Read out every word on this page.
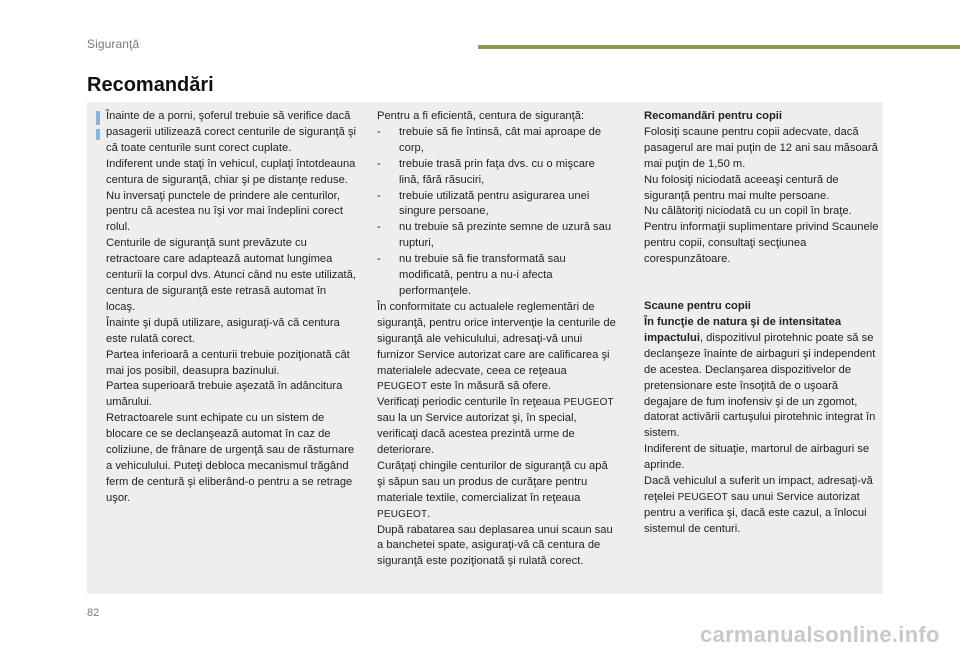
Siguranţă
Recomandări

Înainte de a porni, şoferul trebuie să verifice dacă pasagerii utilizează corect centurile de siguranţă şi că toate centurile sunt corect cuplate.

Indiferent unde staţi în vehicul, cuplaţi întotdeauna centura de siguranţă, chiar şi pe distanţe reduse.

Nu inversaţi punctele de prindere ale centurilor, pentru că acestea nu îşi vor mai îndeplini corect rolul.

Centurile de siguranţă sunt prevăzute cu retractoare care adaptează automat lungimea centurii la corpul dvs. Atunci când nu este utilizată, centura de siguranţă este retrasă automat în locaş.

Înainte şi după utilizare, asiguraţi-vă că centura este rulată corect.

Partea inferioară a centurii trebuie poziţionată cât mai jos posibil, deasupra bazinului.

Partea superioară trebuie aşezată în adâncitura umărului.

Retractoarele sunt echipate cu un sistem de blocare ce se declanşează automat în caz de coliziune, de frânare de urgenţă sau de răsturnare a vehiculului. Puteţi debloca mecanismul trăgând ferm de centură şi eliberând-o pentru a se retrage uşor.

Pentru a fi eficientă, centura de siguranţă:

- trebuie să fie întinsă, cât mai aproape de corp,
- trebuie trasă prin faţa dvs. cu o mişcare lină, fără răsuciri,
- trebuie utilizată pentru asigurarea unei singure persoane,
- nu trebuie să prezinte semne de uzură sau rupturi,
- nu trebuie să fie transformată sau modificată, pentru a nu-i afecta performanţele.

În conformitate cu actualele reglementări de siguranţă, pentru orice intervenţie la centurile de siguranţă ale vehiculului, adresaţi-vă unui furnizor Service autorizat care are calificarea şi materialele adecvate, ceea ce reţeaua PEUGEOT este în măsură să ofere.

Verificaţi periodic centurile în reţeaua PEUGEOT sau la un Service autorizat şi, în special, verificaţi dacă acestea prezintă urme de deteriorare.

Curăţaţi chingile centurilor de siguranţă cu apă şi săpun sau un produs de curăţare pentru materiale textile, comercializat în reţeaua PEUGEOT.

După rabatarea sau deplasarea unui scaun sau a banchetei spate, asiguraţi-vă că centura de siguranţă este poziţionată şi rulată corect.

Recomandări pentru copii

Folosiţi scaune pentru copii adecvate, dacă pasagerul are mai puţin de 12 ani sau măsoară mai puţin de 1,50 m.

Nu folosiţi niciodată aceeaşi centură de siguranţă pentru mai multe persoane.

Nu călătoriţi niciodată cu un copil în braţe.

Pentru informaţii suplimentare privind Scaunele pentru copii, consultaţi secţiunea corespunzătoare.

Scaune pentru copii

În funcţie de natura şi de intensitatea impactului, dispozitivul pirotehnic poate să se declanşeze înainte de airbaguri şi independent de acestea. Declanşarea dispozitivelor de pretensionare este însoţită de o uşoară degajare de fum inofensiv şi de un zgomot, datorat activării cartuşului pirotehnic integrat în sistem.

Indiferent de situaţie, martorul de airbaguri se aprinde.

Dacă vehiculul a suferit un impact, adresaţi-vă reţelei PEUGEOT sau unui Service autorizat pentru a verifica şi, dacă este cazul, a înlocui sistemul de centuri.

82
carmanualsonline.info
